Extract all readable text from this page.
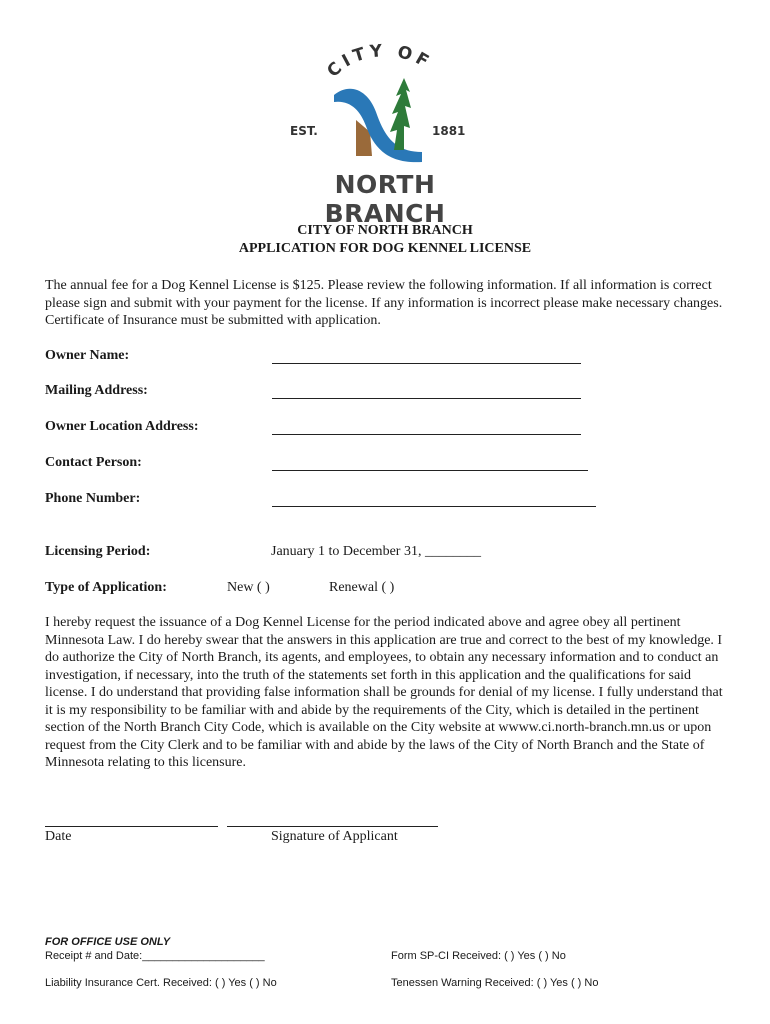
CITY OF
EST.	1881
NORTH BRANCH
CITY OF NORTH BRANCH
APPLICATION FOR DOG KENNEL LICENSE
The annual fee for a Dog Kennel License is $125. Please review the following information. If all information is correct please sign and submit with your payment for the license. If any information is incorrect please make necessary changes. Certificate of Insurance must be submitted with application.
Owner Name:
Mailing Address:
Owner Location Address:
Contact Person:
Phone Number:
Licensing Period:	January 1 to December 31, ________
Type of Application:	New ( )	Renewal ( )
I hereby request the issuance of a Dog Kennel License for the period indicated above and agree obey all pertinent Minnesota Law. I do hereby swear that the answers in this application are true and correct to the best of my knowledge. I do authorize the City of North Branch, its agents, and employees, to obtain any necessary information and to conduct an investigation, if necessary, into the truth of the statements set forth in this application and the qualifications for said license. I do understand that providing false information shall be grounds for denial of my license. I fully understand that it is my responsibility to be familiar with and abide by the requirements of the City, which is detailed in the pertinent section of the North Branch City Code, which is available on the City website at wwww.ci.north-branch.mn.us or upon request from the City Clerk and to be familiar with and abide by the laws of the City of North Branch and the State of Minnesota relating to this licensure.
Date	Signature of Applicant
FOR OFFICE USE ONLY
Receipt # and Date:____________________	Form SP-CI Received: ( ) Yes ( ) No
Liability Insurance Cert. Received: ( ) Yes ( ) No	Tenessen Warning Received: ( ) Yes ( ) No
